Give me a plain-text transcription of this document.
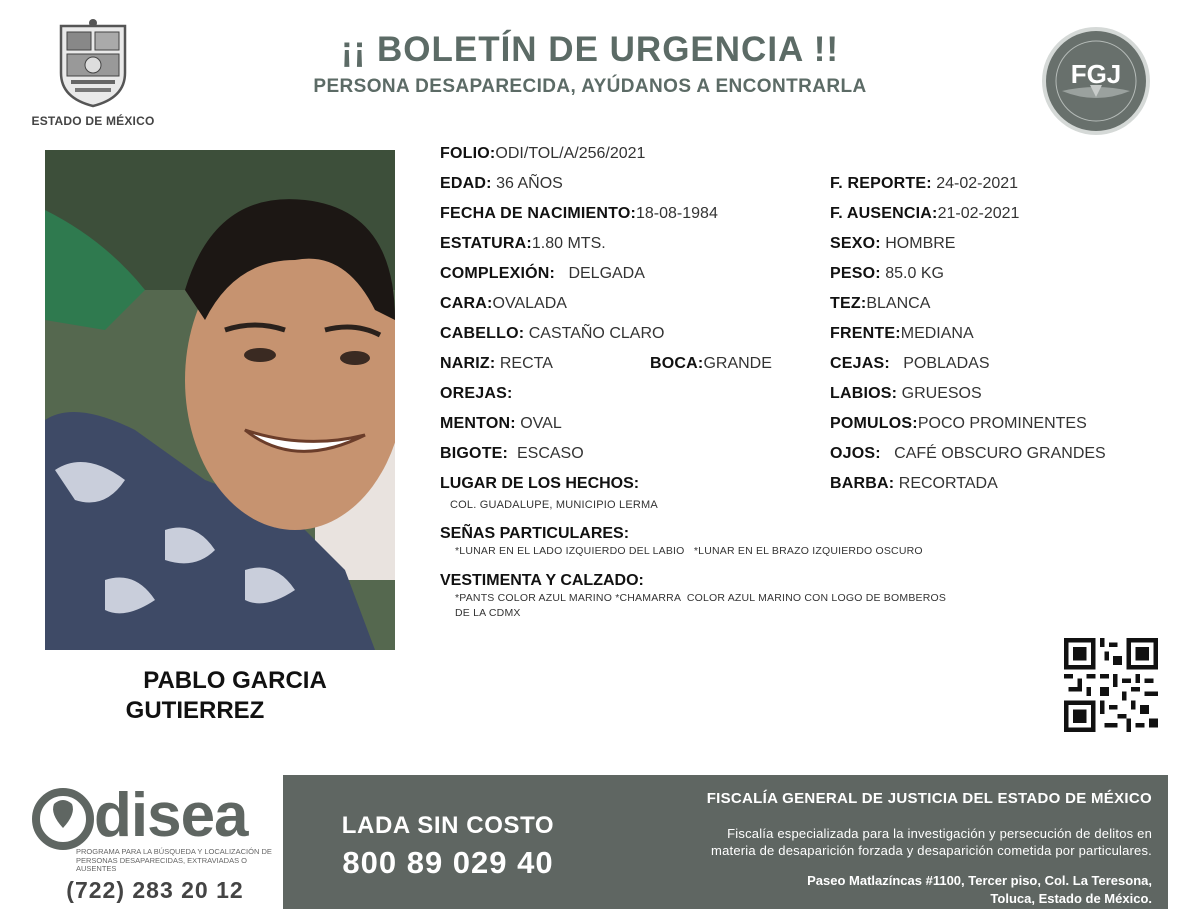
ESTADO DE MÉXICO
¡¡ BOLETÍN DE URGENCIA !!
PERSONA DESAPARECIDA, AYÚDANOS A ENCONTRARLA	FGJ
PABLO GARCIA
GUTIERREZ
FOLIO:ODI/TOL/A/256/2021
EDAD: 36 AÑOS
FECHA DE NACIMIENTO:18-08-1984
ESTATURA:1.80 MTS.
COMPLEXIÓN: DELGADA
CARA:OVALADA
CABELLO: CASTAÑO CLARO
NARIZ: RECTA	BOCA:GRANDE
OREJAS:
MENTON: OVAL
BIGOTE: ESCASO
LUGAR DE LOS HECHOS:
COL. GUADALUPE, MUNICIPIO LERMA
SEÑAS PARTICULARES:
*LUNAR EN EL LADO IZQUIERDO DEL LABIO   *LUNAR EN EL BRAZO IZQUIERDO OSCURO
VESTIMENTA Y CALZADO:
*PANTS COLOR AZUL MARINO *CHAMARRA  COLOR AZUL MARINO CON LOGO DE BOMBEROS
DE LA CDMX
F. REPORTE: 24-02-2021
F. AUSENCIA:21-02-2021
SEXO: HOMBRE
PESO: 85.0 KG
TEZ:BLANCA
FRENTE:MEDIANA
CEJAS: POBLADAS
LABIOS: GRUESOS
POMULOS:POCO PROMINENTES
OJOS: CAFÉ OBSCURO GRANDES
BARBA: RECORTADA
disea
PROGRAMA PARA LA BÚSQUEDA Y LOCALIZACIÓN DE PERSONAS DESAPARECIDAS, EXTRAVIADAS O AUSENTES
(722) 283 20 12
LADA SIN COSTO
800 89 029 40
FISCALÍA GENERAL DE JUSTICIA DEL ESTADO DE MÉXICO
Fiscalía especializada para la investigación y persecución de delitos en
materia de desaparición forzada y desaparición cometida por particulares.
Paseo Matlazíncas #1100, Tercer piso, Col. La Teresona,
Toluca, Estado de México.
